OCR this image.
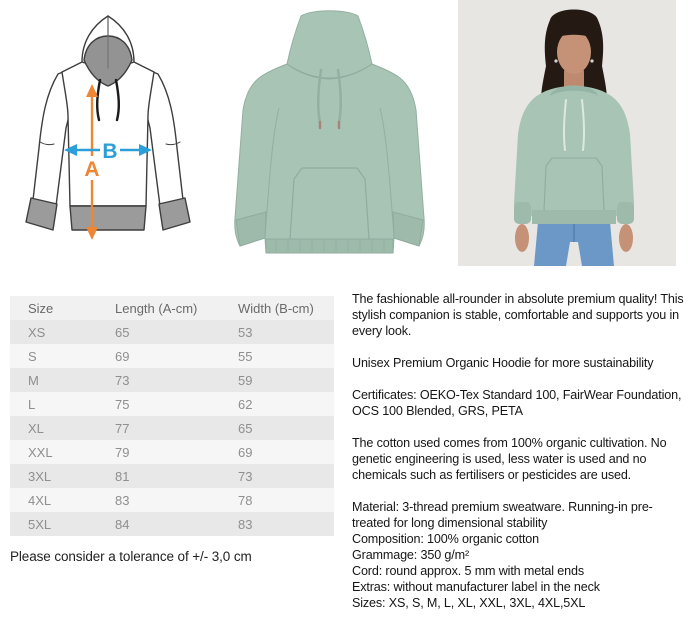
A
B
Size	Length (A-cm)	Width (B-cm)
XS	65	53
S	69	55
M	73	59
L	75	62
XL	77	65
XXL	79	69
3XL	81	73
4XL	83	78
5XL	84	83
Please consider a tolerance of +/- 3,0 cm

The fashionable all-rounder in absolute premium quality! This stylish companion is stable, comfortable and supports you in every look.

Unisex Premium Organic Hoodie for more sustainability

Certificates: OEKO-Tex Standard 100, FairWear Foundation, OCS 100 Blended, GRS, PETA

The cotton used comes from 100% organic cultivation. No genetic engineering is used, less water is used and no chemicals such as fertilisers or pesticides are used.

Material: 3-thread premium sweatware. Running-in pre-treated for long dimensional stability
Composition: 100% organic cotton
Grammage: 350 g/m²
Cord: round approx. 5 mm with metal ends
Extras: without manufacturer label in the neck
Sizes: XS, S, M, L, XL, XXL, 3XL, 4XL,5XL
